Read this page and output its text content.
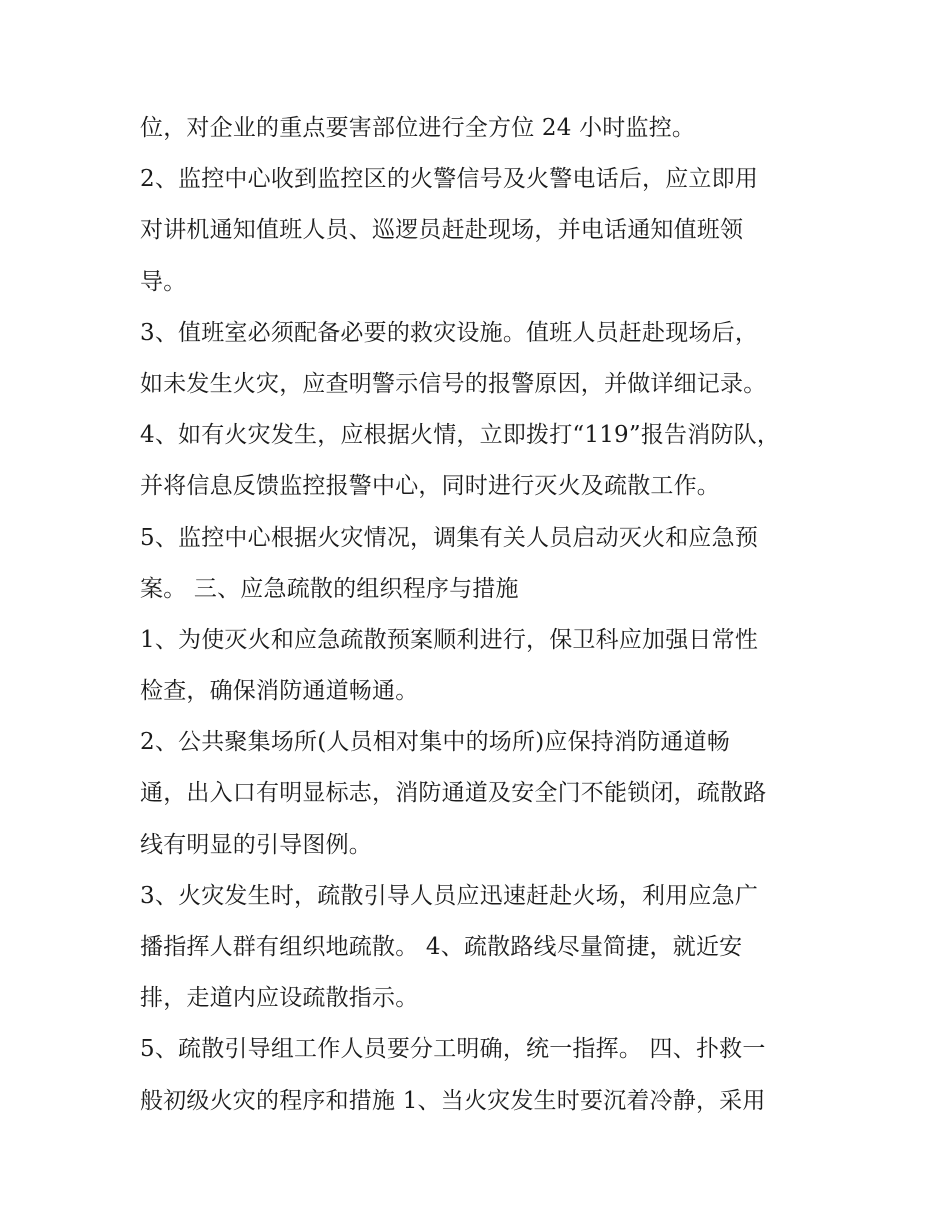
位，对企业的重点要害部位进行全方位 24 小时监控。
2、监控中心收到监控区的火警信号及火警电话后，应立即用
对讲机通知值班人员、巡逻员赶赴现场，并电话通知值班领
导。
3、值班室必须配备必要的救灾设施。值班人员赶赴现场后，
如未发生火灾，应查明警示信号的报警原因，并做详细记录。
4、如有火灾发生，应根据火情，立即拨打“119”报告消防队，
并将信息反馈监控报警中心，同时进行灭火及疏散工作。
5、监控中心根据火灾情况，调集有关人员启动灭火和应急预
案。 三、应急疏散的组织程序与措施
1、为使灭火和应急疏散预案顺利进行，保卫科应加强日常性
检查，确保消防通道畅通。
2、公共聚集场所(人员相对集中的场所)应保持消防通道畅
通，出入口有明显标志，消防通道及安全门不能锁闭，疏散路
线有明显的引导图例。
3、火灾发生时，疏散引导人员应迅速赶赴火场，利用应急广
播指挥人群有组织地疏散。 4、疏散路线尽量简捷，就近安
排，走道内应设疏散指示。
5、疏散引导组工作人员要分工明确，统一指挥。 四、扑救一
般初级火灾的程序和措施 1、当火灾发生时要沉着冷静，采用
